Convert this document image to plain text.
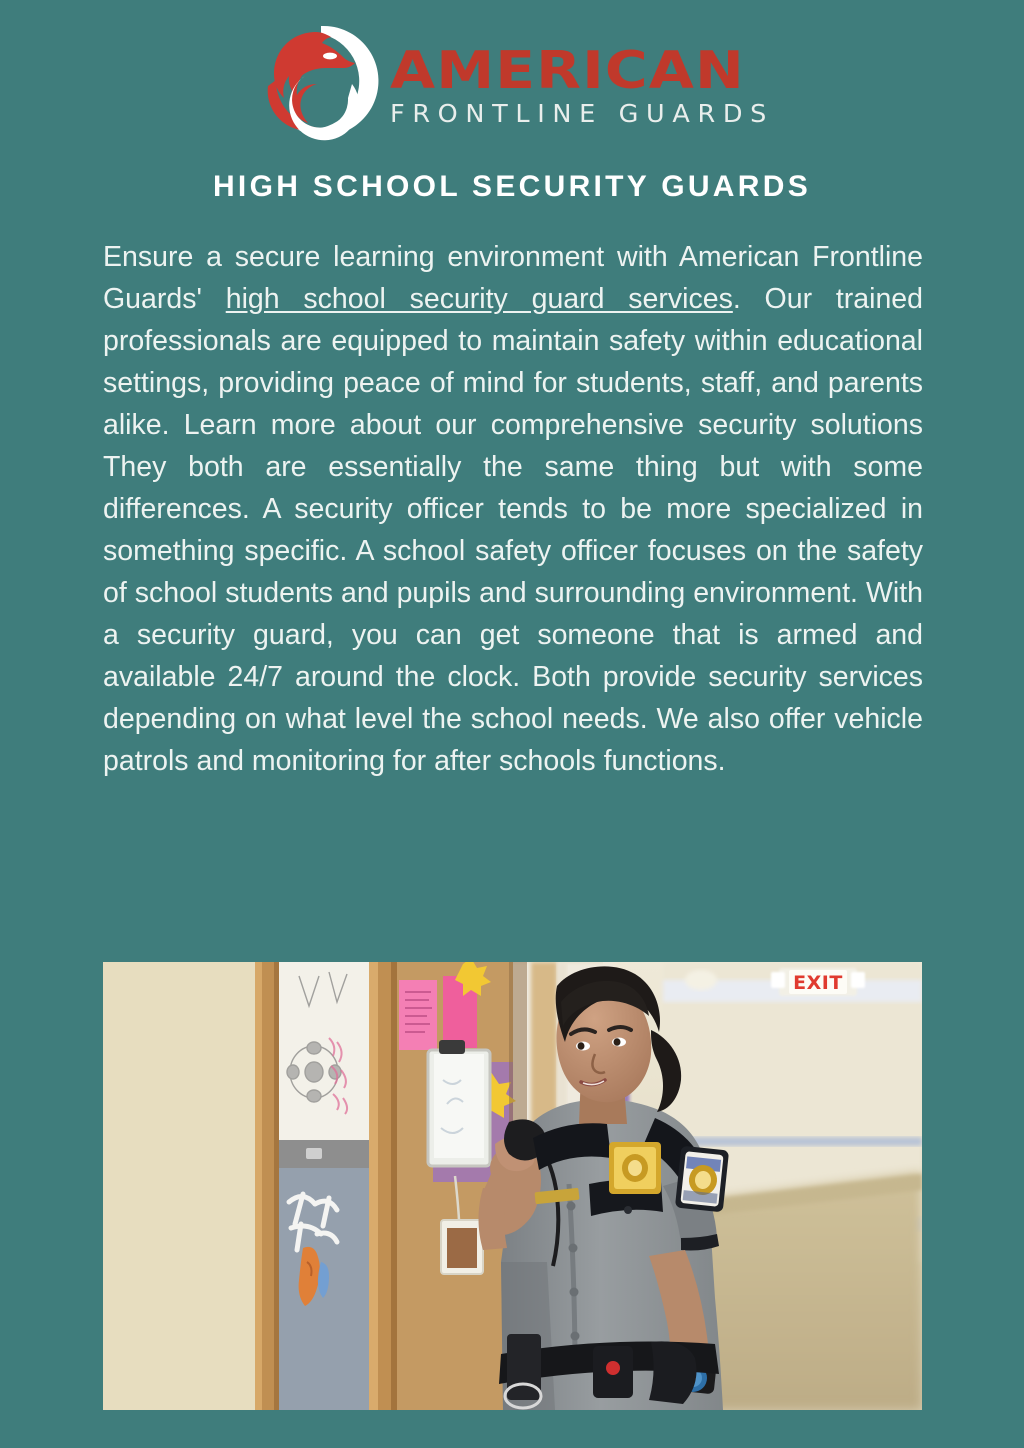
AMERICAN
FRONTLINE GUARDS
HIGH SCHOOL SECURITY GUARDS

Ensure a secure learning environment with American Frontline Guards' high school security guard services. Our trained professionals are equipped to maintain safety within educational settings, providing peace of mind for students, staff, and parents alike. Learn more about our comprehensive security solutions They both are essentially the same thing but with some differences. A security officer tends to be more specialized in something specific. A school safety officer focuses on the safety of school students and pupils and surrounding environment. With a security guard, you can get someone that is armed and available 24/7 around the clock. Both provide security services depending on what level the school needs. We also offer vehicle patrols and monitoring for after schools functions.

EXIT
